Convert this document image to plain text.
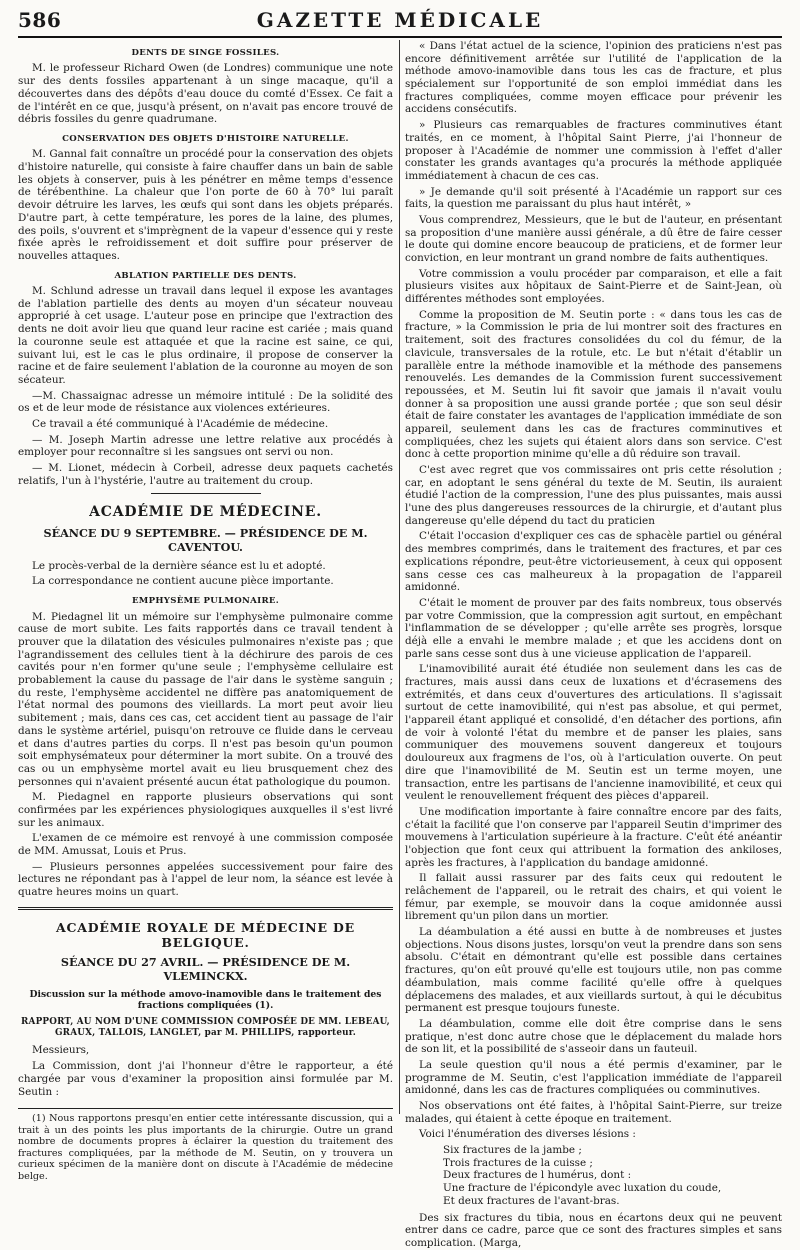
586	GAZETTE MÉDICALE
DENTS DE SINGE FOSSILES.

M. le professeur Richard Owen (de Londres) communique une note sur des dents fossiles appartenant à un singe macaque, qu'il a découvertes dans des dépôts d'eau douce du comté d'Essex. Ce fait a de l'intérêt en ce que, jusqu'à présent, on n'avait pas encore trouvé de débris fossiles du genre quadrumane.

CONSERVATION DES OBJETS D'HISTOIRE NATURELLE.

M. Gannal fait connaître un procédé pour la conservation des objets d'histoire naturelle, qui consiste à faire chauffer dans un bain de sable les objets à conserver, puis à les pénétrer en même temps d'essence de térébenthine. La chaleur que l'on porte de 60 à 70° lui paraît devoir détruire les larves, les œufs qui sont dans les objets préparés. D'autre part, à cette température, les pores de la laine, des plumes, des poils, s'ouvrent et s'imprègnent de la vapeur d'essence qui y reste fixée après le refroidissement et doit suffire pour préserver de nouvelles attaques.

ABLATION PARTIELLE DES DENTS.

M. Schlund adresse un travail dans lequel il expose les avantages de l'ablation partielle des dents au moyen d'un sécateur nouveau approprié à cet usage. L'auteur pose en principe que l'extraction des dents ne doit avoir lieu que quand leur racine est cariée ; mais quand la couronne seule est attaquée et que la racine est saine, ce qui, suivant lui, est le cas le plus ordinaire, il propose de conserver la racine et de faire seulement l'ablation de la couronne au moyen de son sécateur.

—M. Chassaignac adresse un mémoire intitulé : De la solidité des os et de leur mode de résistance aux violences extérieures.

Ce travail a été communiqué à l'Académie de médecine.

— M. Joseph Martin adresse une lettre relative aux procédés à employer pour reconnaître si les sangsues ont servi ou non.

— M. Lionet, médecin à Corbeil, adresse deux paquets cachetés relatifs, l'un à l'hystérie, l'autre au traitement du croup.

ACADÉMIE DE MÉDECINE.
SÉANCE DU 9 SEPTEMBRE. — PRÉSIDENCE DE M. CAVENTOU.

Le procès-verbal de la dernière séance est lu et adopté.

La correspondance ne contient aucune pièce importante.

EMPHYSÈME PULMONAIRE.

M. Piedagnel lit un mémoire sur l'emphysème pulmonaire comme cause de mort subite. Les faits rapportés dans ce travail tendent à prouver que la dilatation des vésicules pulmonaires n'existe pas ; que l'agrandissement des cellules tient à la déchirure des parois de ces cavités pour n'en former qu'une seule ; l'emphysème cellulaire est probablement la cause du passage de l'air dans le système sanguin ; du reste, l'emphysème accidentel ne diffère pas anatomiquement de l'état normal des poumons des vieillards. La mort peut avoir lieu subitement ; mais, dans ces cas, cet accident tient au passage de l'air dans le système artériel, puisqu'on retrouve ce fluide dans le cerveau et dans d'autres parties du corps. Il n'est pas besoin qu'un poumon soit emphysémateux pour déterminer la mort subite. On a trouvé des cas ou un emphysème mortel avait eu lieu brusquement chez des personnes qui n'avaient présenté aucun état pathologique du poumon.

M. Piedagnel en rapporte plusieurs observations qui sont confirmées par les expériences physiologiques auxquelles il s'est livré sur les animaux.

L'examen de ce mémoire est renvoyé à une commission composée de MM. Amussat, Louis et Prus.

— Plusieurs personnes appelées successivement pour faire des lectures ne répondant pas à l'appel de leur nom, la séance est levée à quatre heures moins un quart.

ACADÉMIE ROYALE DE MÉDECINE DE BELGIQUE.
SÉANCE DU 27 AVRIL. — PRÉSIDENCE DE M. VLEMINCKX.
Discussion sur la méthode amovo-inamovible dans le traitement des fractions compliquées (1).
RAPPORT, AU NOM D'UNE COMMISSION COMPOSÉE DE MM. LEBEAU, GRAUX, TALLOIS, LANGLET, par M. PHILLIPS, rapporteur.

Messieurs,

La Commission, dont j'ai l'honneur d'être le rapporteur, a été chargée par vous d'examiner la proposition ainsi formulée par M. Seutin :

(1) Nous rapportons presqu'en entier cette intéressante discussion, qui a trait à un des points les plus importants de la chirurgie. Outre un grand nombre de documents propres à éclairer la question du traitement des fractures compliquées, par la méthode de M. Seutin, on y trouvera un curieux spécimen de la manière dont on discute à l'Académie de médecine belge.

« Dans l'état actuel de la science, l'opinion des praticiens n'est pas encore définitivement arrêtée sur l'utilité de l'application de la méthode amovo-inamovible dans tous les cas de fracture, et plus spécialement sur l'opportunité de son emploi immédiat dans les fractures compliquées, comme moyen efficace pour prévenir les accidens consécutifs.

» Plusieurs cas remarquables de fractures comminutives étant traités, en ce moment, à l'hôpital Saint Pierre, j'ai l'honneur de proposer à l'Académie de nommer une commission à l'effet d'aller constater les grands avantages qu'a procurés la méthode appliquée immédiatement à chacun de ces cas.

» Je demande qu'il soit présenté à l'Académie un rapport sur ces faits, la question me paraissant du plus haut intérêt, »

Vous comprendrez, Messieurs, que le but de l'auteur, en présentant sa proposition d'une manière aussi générale, a dû être de faire cesser le doute qui domine encore beaucoup de praticiens, et de former leur conviction, en leur montrant un grand nombre de faits authentiques.

Votre commission a voulu procéder par comparaison, et elle a fait plusieurs visites aux hôpitaux de Saint-Pierre et de Saint-Jean, où différentes méthodes sont employées.

Comme la proposition de M. Seutin porte : « dans tous les cas de fracture, » la Commission le pria de lui montrer soit des fractures en traitement, soit des fractures consolidées du col du fémur, de la clavicule, transversales de la rotule, etc. Le but n'était d'établir un parallèle entre la méthode inamovible et la méthode des pansemens renouvelés. Les demandes de la Commission furent successivement repoussées, et M. Seutin lui fit savoir que jamais il n'avait voulu donner à sa proposition une aussi grande portée ; que son seul désir était de faire constater les avantages de l'application immédiate de son appareil, seulement dans les cas de fractures comminutives et compliquées, chez les sujets qui étaient alors dans son service. C'est donc à cette proportion minime qu'elle a dû réduire son travail.

C'est avec regret que vos commissaires ont pris cette résolution ; car, en adoptant le sens général du texte de M. Seutin, ils auraient étudié l'action de la compression, l'une des plus puissantes, mais aussi l'une des plus dangereuses ressources de la chirurgie, et d'autant plus dangereuse qu'elle dépend du tact du praticien

C'était l'occasion d'expliquer ces cas de sphacèle partiel ou général des membres comprimés, dans le traitement des fractures, et par ces explications répondre, peut-être victorieusement, à ceux qui opposent sans cesse ces cas malheureux à la propagation de l'appareil amidonné.

C'était le moment de prouver par des faits nombreux, tous observés par votre Commission, que la compression agit surtout, en empêchant l'inflammation de se développer ; qu'elle arrête ses progrès, lorsque déjà elle a envahi le membre malade ; et que les accidens dont on parle sans cesse sont dus à une vicieuse application de l'appareil.

L'inamovibilité aurait été étudiée non seulement dans les cas de fractures, mais aussi dans ceux de luxations et d'écrasemens des extrémités, et dans ceux d'ouvertures des articulations. Il s'agissait surtout de cette inamovibilité, qui n'est pas absolue, et qui permet, l'appareil étant appliqué et consolidé, d'en détacher des portions, afin de voir à volonté l'état du membre et de panser les plaies, sans communiquer des mouvemens souvent dangereux et toujours douloureux aux fragmens de l'os, où à l'articulation ouverte. On peut dire que l'inamovibilité de M. Seutin est un terme moyen, une transaction, entre les partisans de l'ancienne inamovibilité, et ceux qui veulent le renouvellement fréquent des pièces d'appareil.

Une modification importante à faire connaître encore par des faits, c'était la facilité que l'on conserve par l'appareil Seutin d'imprimer des mouvemens à l'articulation supérieure à la fracture. C'eût été anéantir l'objection que font ceux qui attribuent la formation des ankiloses, après les fractures, à l'application du bandage amidonné.

Il fallait aussi rassurer par des faits ceux qui redoutent le relâchement de l'appareil, ou le retrait des chairs, et qui voient le fémur, par exemple, se mouvoir dans la coque amidonnée aussi librement qu'un pilon dans un mortier.

La déambulation a été aussi en butte à de nombreuses et justes objections. Nous disons justes, lorsqu'on veut la prendre dans son sens absolu. C'était en démontrant qu'elle est possible dans certaines fractures, qu'on eût prouvé qu'elle est toujours utile, non pas comme déambulation, mais comme facilité qu'elle offre à quelques déplacemens des malades, et aux vieillards surtout, à qui le décubitus permanent est presque toujours funeste.

La déambulation, comme elle doit être comprise dans le sens pratique, n'est donc autre chose que le déplacement du malade hors de son lit, et la possibilité de s'asseoir dans un fauteuil.

La seule question qu'il nous a été permis d'examiner, par le programme de M. Seutin, c'est l'application immédiate de l'appareil amidonné, dans les cas de fractures compliquées ou comminutives.

Nos observations ont été faites, à l'hôpital Saint-Pierre, sur treize malades, qui étaient à cette époque en traitement.

Voici l'énumération des diverses lésions :

Six fractures de la jambe ;
Trois fractures de la cuisse ;
Deux fractures de l humérus, dont :
Une fracture de l'épicondyle avec luxation du coude,
Et deux fractures de l'avant-bras.

Des six fractures du tibia, nous en écartons deux qui ne peuvent entrer dans ce cadre, parce que ce sont des fractures simples et sans complication. (Marga,
